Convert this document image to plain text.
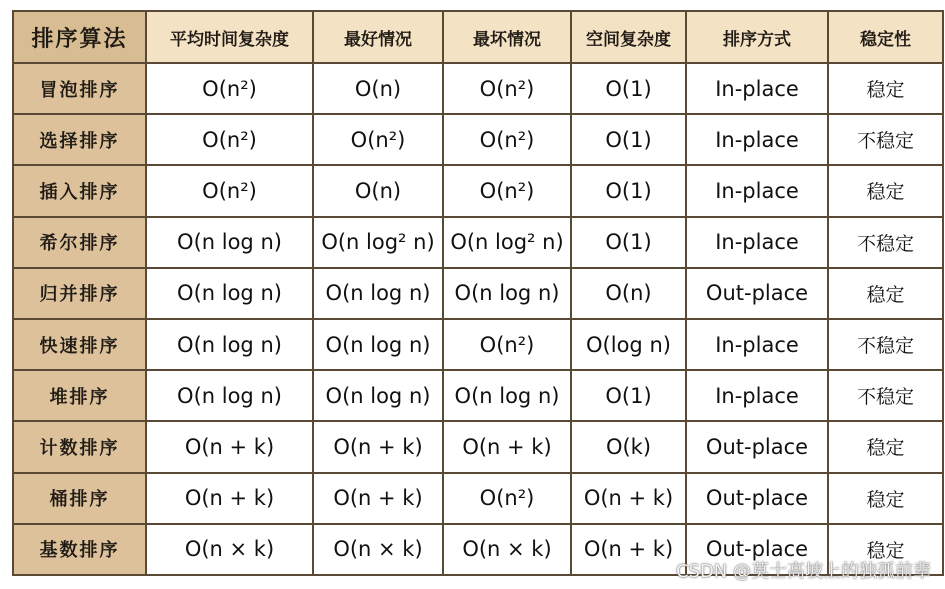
排序算法	平均时间复杂度	最好情况	最坏情况	空间复杂度	排序方式	稳定性
冒泡排序	O(n²)	O(n)	O(n²)	O(1)	In-place	稳定
选择排序	O(n²)	O(n²)	O(n²)	O(1)	In-place	不稳定
插入排序	O(n²)	O(n)	O(n²)	O(1)	In-place	稳定
希尔排序	O(n log n)	O(n log² n)	O(n log² n)	O(1)	In-place	不稳定
归并排序	O(n log n)	O(n log n)	O(n log n)	O(n)	Out-place	稳定
快速排序	O(n log n)	O(n log n)	O(n²)	O(log n)	In-place	不稳定
堆排序	O(n log n)	O(n log n)	O(n log n)	O(1)	In-place	不稳定
计数排序	O(n + k)	O(n + k)	O(n + k)	O(k)	Out-place	稳定
桶排序	O(n + k)	O(n + k)	O(n²)	O(n + k)	Out-place	稳定
基数排序	O(n × k)	O(n × k)	O(n × k)	O(n + k)	Out-place	稳定
CSDN @莫士高坡上的独孤前辈
